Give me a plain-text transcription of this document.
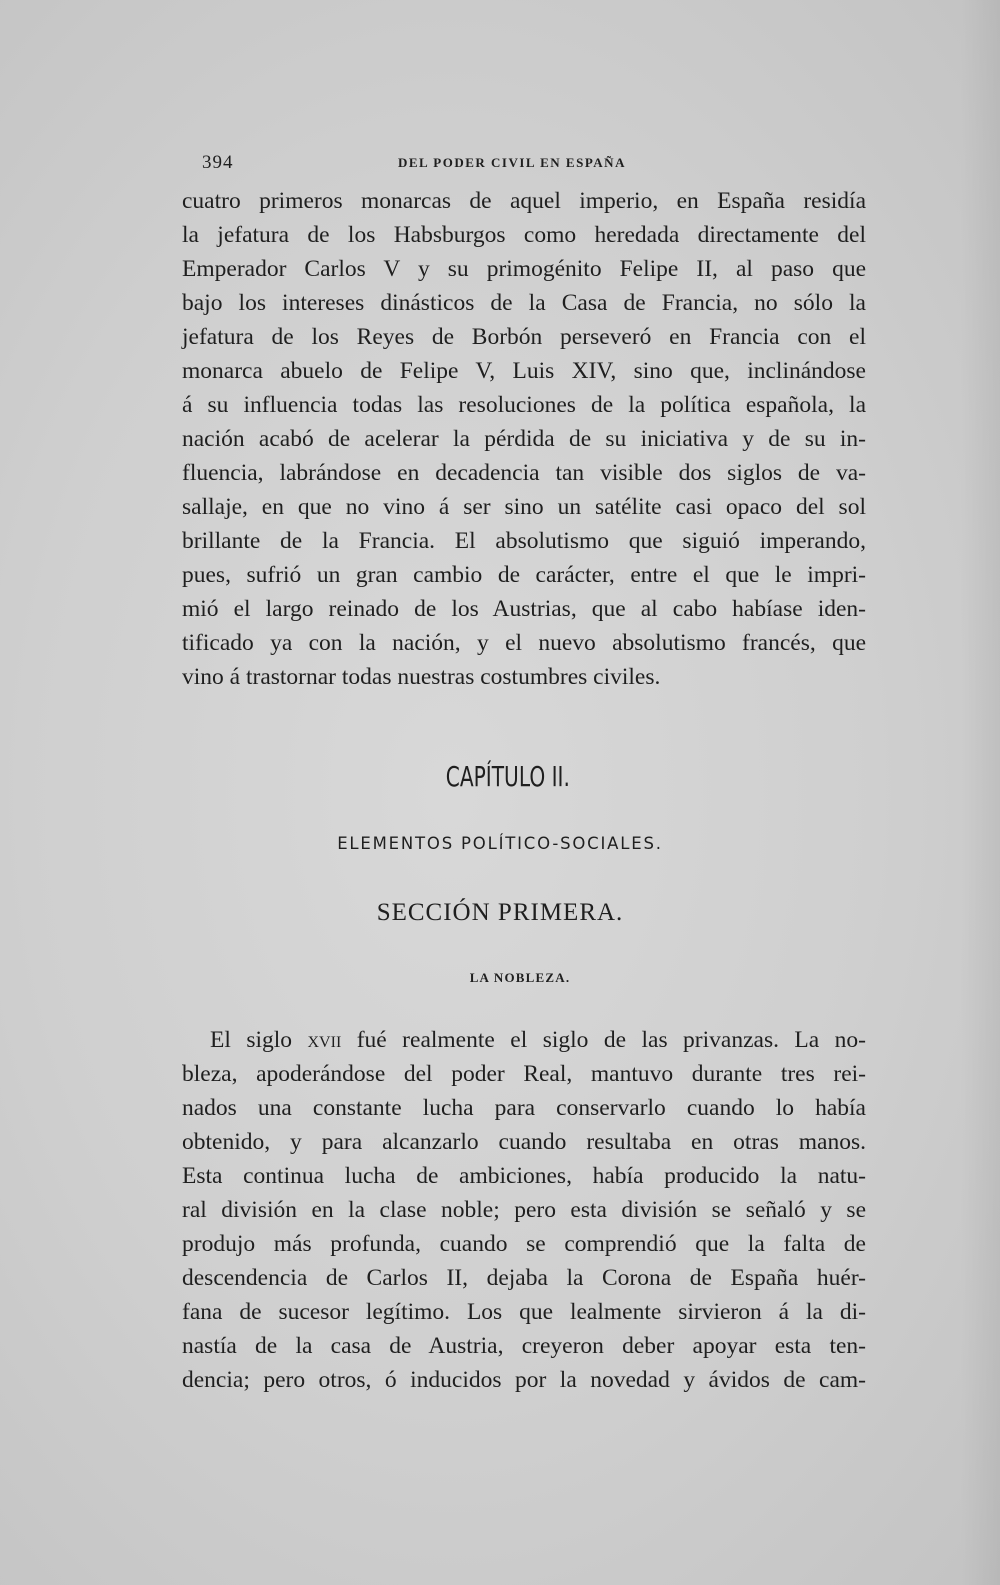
394	DEL PODER CIVIL EN ESPAÑA
cuatro primeros monarcas de aquel imperio, en España residía
la jefatura de los Habsburgos como heredada directamente del
Emperador Carlos V y su primogénito Felipe II, al paso que
bajo los intereses dinásticos de la Casa de Francia, no sólo la
jefatura de los Reyes de Borbón perseveró en Francia con el
monarca abuelo de Felipe V, Luis XIV, sino que, inclinándose
á su influencia todas las resoluciones de la política española, la
nación acabó de acelerar la pérdida de su iniciativa y de su in-
fluencia, labrándose en decadencia tan visible dos siglos de va-
sallaje, en que no vino á ser sino un satélite casi opaco del sol
brillante de la Francia. El absolutismo que siguió imperando,
pues, sufrió un gran cambio de carácter, entre el que le impri-
mió el largo reinado de los Austrias, que al cabo habíase iden-
tificado ya con la nación, y el nuevo absolutismo francés, que
vino á trastornar todas nuestras costumbres civiles.
CAPÍTULO II.
ELEMENTOS POLÍTICO-SOCIALES.
SECCIÓN PRIMERA.
LA NOBLEZA.
El siglo xvii fué realmente el siglo de las privanzas. La no-
bleza, apoderándose del poder Real, mantuvo durante tres rei-
nados una constante lucha para conservarlo cuando lo había
obtenido, y para alcanzarlo cuando resultaba en otras manos.
Esta continua lucha de ambiciones, había producido la natu-
ral división en la clase noble; pero esta división se señaló y se
produjo más profunda, cuando se comprendió que la falta de
descendencia de Carlos II, dejaba la Corona de España huér-
fana de sucesor legítimo. Los que lealmente sirvieron á la di-
nastía de la casa de Austria, creyeron deber apoyar esta ten-
dencia; pero otros, ó inducidos por la novedad y ávidos de cam-
